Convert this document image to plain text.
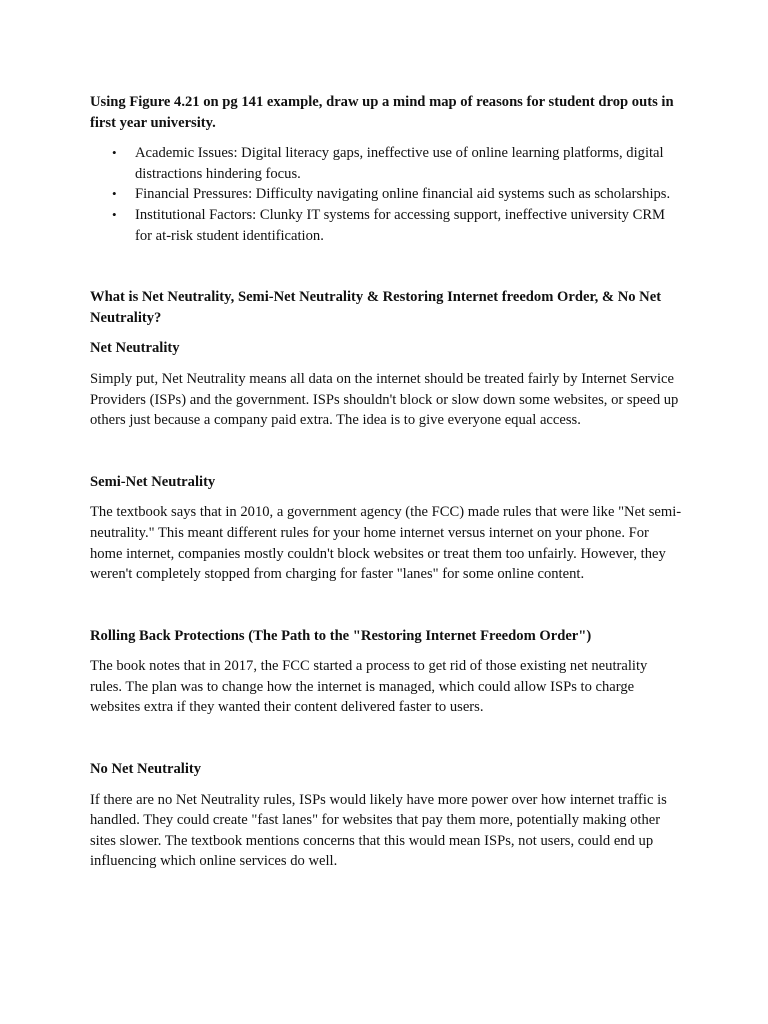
Using Figure 4.21 on pg 141 example, draw up a mind map of reasons for student drop outs in first year university.

• Academic Issues: Digital literacy gaps, ineffective use of online learning platforms, digital distractions hindering focus.
• Financial Pressures: Difficulty navigating online financial aid systems such as scholarships.
• Institutional Factors: Clunky IT systems for accessing support, ineffective university CRM for at-risk student identification.

What is Net Neutrality, Semi-Net Neutrality & Restoring Internet freedom Order, & No Net Neutrality?

Net Neutrality

Simply put, Net Neutrality means all data on the internet should be treated fairly by Internet Service Providers (ISPs) and the government. ISPs shouldn't block or slow down some websites, or speed up others just because a company paid extra. The idea is to give everyone equal access.

Semi-Net Neutrality

The textbook says that in 2010, a government agency (the FCC) made rules that were like "Net semi-neutrality." This meant different rules for your home internet versus internet on your phone. For home internet, companies mostly couldn't block websites or treat them too unfairly. However, they weren't completely stopped from charging for faster "lanes" for some online content.

Rolling Back Protections (The Path to the "Restoring Internet Freedom Order")

The book notes that in 2017, the FCC started a process to get rid of those existing net neutrality rules. The plan was to change how the internet is managed, which could allow ISPs to charge websites extra if they wanted their content delivered faster to users.

No Net Neutrality

If there are no Net Neutrality rules, ISPs would likely have more power over how internet traffic is handled. They could create "fast lanes" for websites that pay them more, potentially making other sites slower. The textbook mentions concerns that this would mean ISPs, not users, could end up influencing which online services do well.
